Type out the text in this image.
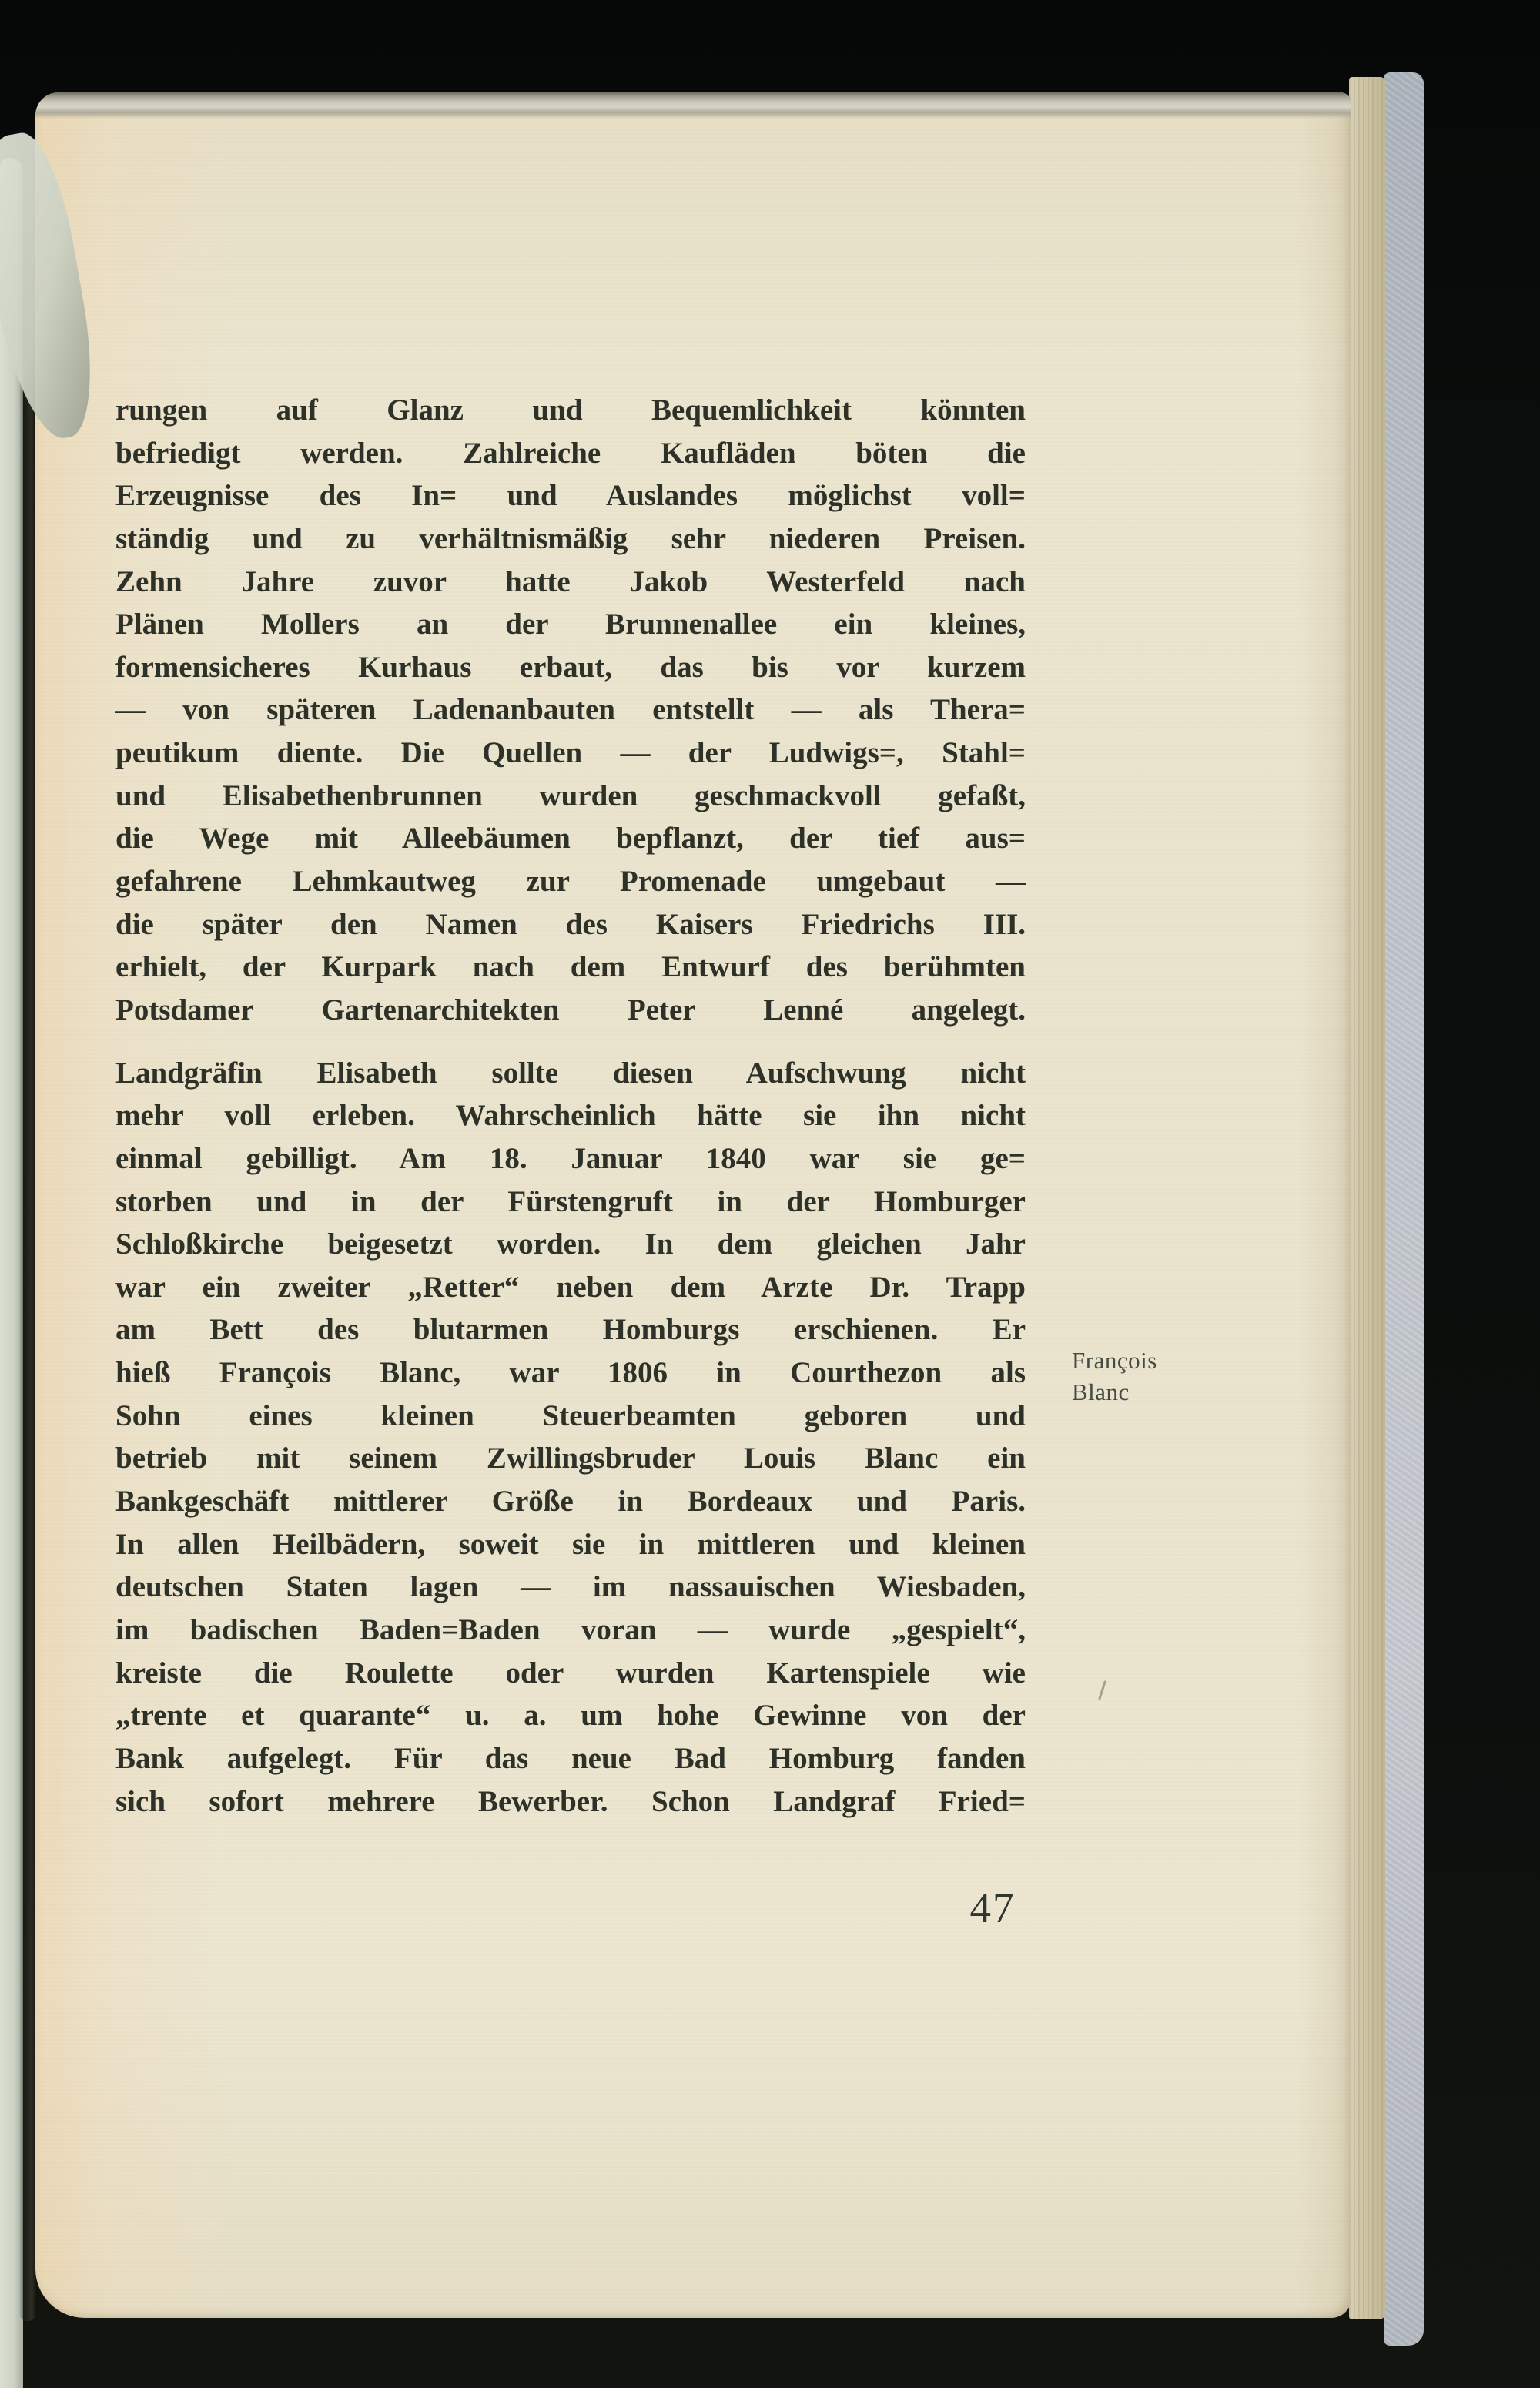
rungen auf Glanz und Bequemlichkeit könnten
befriedigt werden. Zahlreiche Kaufläden böten die
Erzeugnisse des In= und Auslandes möglichst voll=
ständig und zu verhältnismäßig sehr niederen Preisen.
Zehn Jahre zuvor hatte Jakob Westerfeld nach
Plänen Mollers an der Brunnenallee ein kleines,
formensicheres Kurhaus erbaut, das bis vor kurzem
— von späteren Ladenanbauten entstellt — als Thera=
peutikum diente. Die Quellen — der Ludwigs=, Stahl=
und Elisabethenbrunnen wurden geschmackvoll gefaßt,
die Wege mit Alleebäumen bepflanzt, der tief aus=
gefahrene Lehmkautweg zur Promenade umgebaut —
die später den Namen des Kaisers Friedrichs III.
erhielt, der Kurpark nach dem Entwurf des berühmten
Potsdamer Gartenarchitekten Peter Lenné angelegt.
Landgräfin Elisabeth sollte diesen Aufschwung nicht
mehr voll erleben. Wahrscheinlich hätte sie ihn nicht
einmal gebilligt. Am 18. Januar 1840 war sie ge=
storben und in der Fürstengruft in der Homburger
Schloßkirche beigesetzt worden. In dem gleichen Jahr
war ein zweiter „Retter“ neben dem Arzte Dr. Trapp
am Bett des blutarmen Homburgs erschienen. Er
hieß François Blanc, war 1806 in Courthezon als
Sohn eines kleinen Steuerbeamten geboren und
betrieb mit seinem Zwillingsbruder Louis Blanc ein
Bankgeschäft mittlerer Größe in Bordeaux und Paris.
In allen Heilbädern, soweit sie in mittleren und kleinen
deutschen Staten lagen — im nassauischen Wiesbaden,
im badischen Baden=Baden voran — wurde „gespielt“,
kreiste die Roulette oder wurden Kartenspiele wie
„trente et quarante“ u. a. um hohe Gewinne von der
Bank aufgelegt. Für das neue Bad Homburg fanden
sich sofort mehrere Bewerber. Schon Landgraf Fried=
François
Blanc
47
